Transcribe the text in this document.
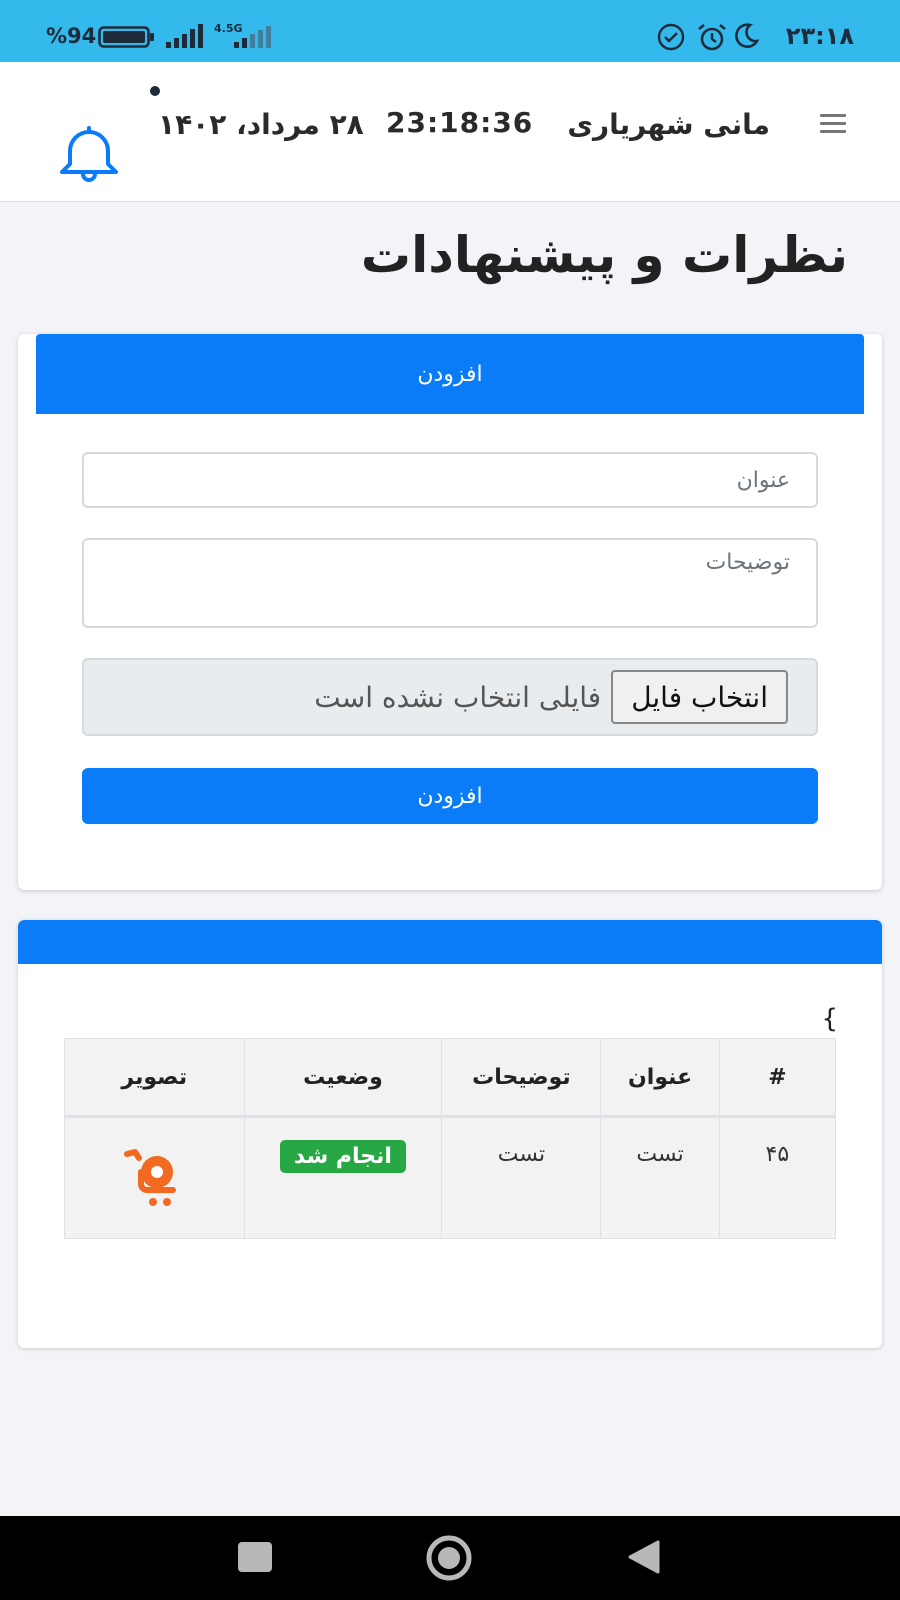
۲۳:۱۸
%94	4.5G
مانی شهریاری
23:18:36
۲۸ مرداد، ۱۴۰۲
نظرات و پیشنهادات
افزودن
عنوان
توضیحات
انتخاب فایل
فایلی انتخاب نشده است
افزودن
{
#	عنوان	توضیحات	وضعیت	تصویر
۴۵	تست	تست	انجام شد	
